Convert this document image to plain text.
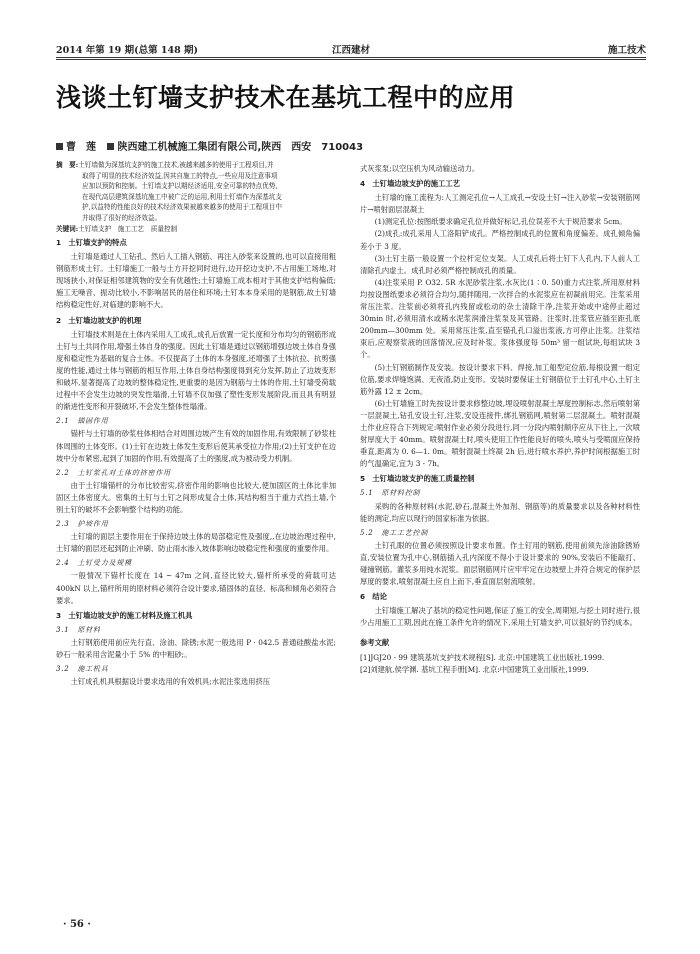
2014 年第 19 期(总第 148 期)	江西建材	施工技术
浅谈土钉墙支护技术在基坑工程中的应用
曹　莲 陕西建工机械施工集团有限公司,陕西　西安　710043
摘　要:土钉墙做为深基坑支护的施工技术,被越来越多的使用于工程项目,并
取得了明显的技术经济效益,因其自施工的特点,一些应用及注意事项
应加以预防和控制。土钉墙支护以期经济适用,安全可靠的特点优势,
在现代高层建筑深基坑施工中被广泛的运用,利用土钉墙作为深基坑支
护,以益特的性能良好的技术经济效果被越来越多的使用于工程项目中
并取得了很好的经济效益。
关键词:土钉墙支护　施工工艺　质量控制
1　土钉墙支护的特点
土钉墙是通过人工钻孔、然后人工插入钢筋、再注入砂浆来设置的,也可以直接用粗钢筋形成土钉。土钉墙施工一般与土方开挖同时进行,边开挖边支护,不占用施工场地,对现场狭小,对保证相邻建筑物的安全有优越性;土钉墙施工成本相对于其他支护结构偏低;施工无噪音、振动比较小,不影响居民的居住和环境;土钉本本身采用的是钢筋,故土钉墙结构稳定性好,对临建的影响不大。
2　土钉墙边坡支护的机理
土钉墙技术则是在土体内采用人工成孔,成孔后放置一定长度和分布均匀的钢筋形成土钉与土共同作用,增强土体自身的强度。因此土钉墙是通过以钢筋增强边坡土体自身强度和稳定性为基础的复合土体。不仅提高了土体的本身强度,还增强了土体抗拉、抗剪强度的性能,通过土体与钢筋的相互作用,土体自身结构强度得到充分发挥,防止了边坡变形和破坏,显著提高了边坡的整体稳定性,更重要的是因为钢筋与土体的作用,土钉墙受荷载过程中不会发生边坡的突发性塌滑,土钉墙不仅加强了塑性变形发展阶段,而且具有明显的渐进性变形和开裂破坏,不会发生整体性塌滑。
2.1　锚固作用
锚杆与土钉墙的砂浆柱体相结合对周围边坡产生有效的加固作用,有效限制了砂浆柱体周围的土体变形。(1)土钉在边坡土体发生变形后使其承受拉力作用;(2)土钉支护在边坡中分布紧密,起到了加固的作用,有效提高了土的强度,成为被动受力机制。
2.2　土钉浆孔对土体的挤密作用
由于土钉墙锚杆的分布比较密实,挤密作用的影响也比较大,使加固区的土体比非加固区土体密度大。密集的土钉与土钉之间形成复合土体,其结构相当于重力式挡土墙,个别土钉的破坏不会影响整个结构的功能。
2.3　护坡作用
土钉墙的面层主要作用在于保持边坡土体的局部稳定性及强度,,在边坡治理过程中,土钉墙的面层还起到防止冲刷、防止雨水渗入坡体影响边坡稳定性和强度的重要作用。
2.4　土钉受力及规模
一般情况下锚杆长度在 14 ~ 47m 之间,直径比较大,锚杆所承受的荷载可达 400kN 以上,锚杆所用的原材料必须符合设计要求,锚固体的直径、标高和倾角必须符合要求。
3　土钉墙边坡支护的施工材料及施工机具
3.1　原材料
土钉钢筋使用前应先行直、涂油、除锈;水泥一般选用 P · 042.5 普通硅酸盐水泥;砂石一般采用含泥量小于 5% 的中粗砂;。
3.2　施工机具
土钉成孔机具根据设计要求选用的有效机具;水泥注浆选用挤压
式灰浆泵;以空压机为风动输送动力。
4　土钉墙边坡支护的施工工艺
土钉墙的施工流程为:人工测定孔位→人工成孔→安设土钉→注入砂浆→安装钢筋网片→喷射面层混凝土
(1)测定孔位:按图纸要求确定孔位并做好标记,孔位误差不大于规范要求 5cm。
(2)成孔:成孔采用人工洛阳铲成孔。严格控制成孔的位置和角度偏差。成孔倾角偏差小于 3 度。
(3)土钉主筋一般设置一个拉杆定位支架。人工成孔后将土钉下人孔内,下人前人工清除孔内虚土。成孔时必须严格控制成孔的质量。
(4)注浆采用 P. O32. 5R 水泥砂浆注浆,水灰比(1∶0. 50)重力式注浆,所用原材料均按设图纸要求必须符合均匀,随拌随用,一次拌合的水泥浆应在初凝前用完。注浆采用常压注浆。注浆前必须将孔内残留或松动的杂土清除干净,注浆开始或中途停止超过 30min 时,必须用清水或稀水泥浆润滑注浆泵及其管路。注浆时,注浆管应插至距孔底 200mm—300mm 处。采用常压注浆,直至锚孔孔口溢出浆液,方可停止注浆。注浆结束后,应观察浆液的回落情况,应及时补浆。浆体强度每 50m³ 留一组试块,每组试块 3 个。
(5)土钉钢筋制作及安装。按设计要求下料、焊接,加工船型定位筋,每根设置一组定位筋,要求焊缝饱满、无夜渣,防止变形。安装时要保证土钉钢筋位于土钉孔中心,土钉主筋外露 12 ± 2cm。
(6)土钉墙施工时先按设计要求修整边坡,埋设喷射混凝土厚度控制标志,然后喷射第一层混凝土,钻孔安设土钉,注浆,安设连接件,绑扎钢筋网,喷射第二层混凝土。喷射混凝土作业应符合下列规定:喷射作业必须分段进行,同一分段内喷射顺序应从下往上,一次喷射厚度大于 40mm。喷射混凝土时,喷头使用工作性能良好的喷头,喷头与受喷面应保持垂直,距离为 0. 6—1. 0m。喷射混凝土终凝 2h 后,进行喷水养护,养护时间根据施工时的气温确定,宜为 3 - 7h。
5　土钉墙边坡支护的施工质量控制
5.1　原材料控制
采购的各种原材料(水泥,砂石,混凝土外加剂、钢筋等)的质量要求以及各种材料性能的测定,均应以现行的国家标准为依据。
5.2　施工工艺控制
土钉孔眼的位置必须按照设计要求布置。作土钉用的钢筋,使用前须先涂油除锈矫直,安装位置为孔中心,钢筋插入孔内深度不得小于设计要求的 90%,安装后不能敲打、碰撞钢筋。灌浆多用纯水泥浆。面层钢筋网片应牢牢定在边坡壁上并符合规定的保护层厚度的要求,喷射混凝土应自上而下,垂直面层射流喷射。
6　结论
土钉墙施工解决了基坑的稳定性问题,保证了施工的安全,周期短,与挖土同时进行,很少占用施工工期,因此在施工条件允许的情况下,采用土钉墙支护,可以很好的节约成本。
参考文献
[1]JGJ20 - 99 建筑基坑支护技术规程[S]. 北京:中国建筑工业出版社,1999.
[2]刘建航,侯学渊. 基坑工程手册[M]. 北京:中国建筑工业出版社,1999.
· 56 ·
